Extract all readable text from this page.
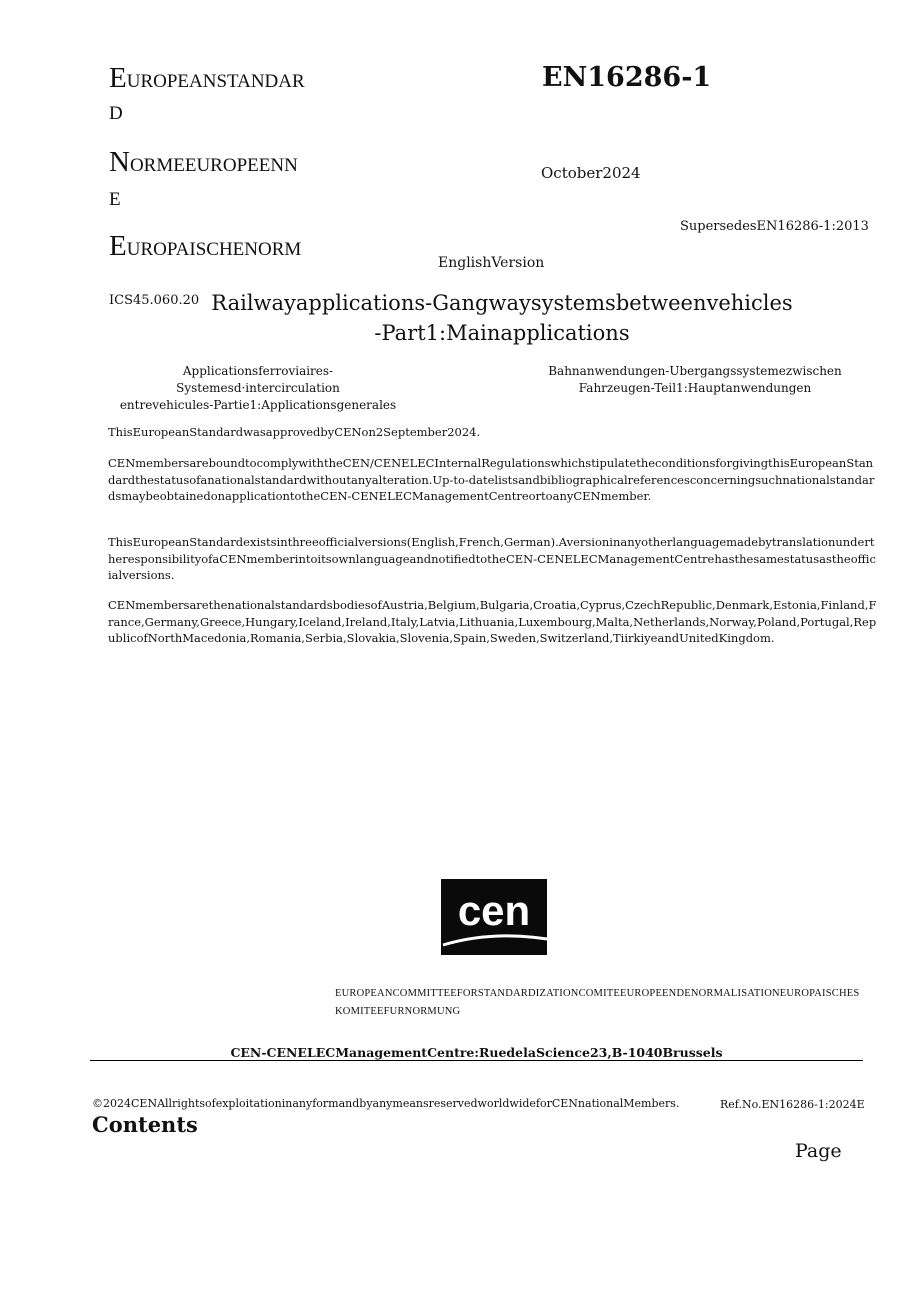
EUROPEANSTANDAR
D
NORMEEUROPEENN
E
EUROPAISCHENORM
EN16286-1
October2024
SupersedesEN16286-1:2013
EnglishVersion
ICS45.060.20 Railwayapplications-Gangwaysystemsbetweenvehicles
-Part1:Mainapplications
Applicationsferroviaires-Systemesd·intercirculation
entrevehicules-Partie1:Applicationsgenerales
Bahnanwendungen-Ubergangssystemezwischen
Fahrzeugen-Teil1:Hauptanwendungen
ThisEuropeanStandardwasapprovedbyCENon2September2024.
CENmembersareboundtocomplywiththeCEN/CENELECInternalRegulationswhichstipulatetheconditionsforgivingthisEuropeanStandardthestatusofanationalstandardwithoutanyalteration.Up-to-datelistsandbibliographicalreferencesconcerningsuchnationalstandardsmaybeobtainedonapplicationtotheCEN-CENELECManagementCentreortoanyCENmember.
ThisEuropeanStandardexistsinthreeofficialversions(English,French,German).AversioninanyotherlanguagemadebytranslationundertheresponsibilityofaCENmemberintoitsownlanguageandnotifiedtotheCEN-CENELECManagementCentrehasthesamestatusastheofficialversions.
CENmembersarethenationalstandardsbodiesofAustria,Belgium,Bulgaria,Croatia,Cyprus,CzechRepublic,Denmark,Estonia,Finland,France,Germany,Greece,Hungary,Iceland,Ireland,Italy,Latvia,Lithuania,Luxembourg,Malta,Netherlands,Norway,Poland,Portugal,RepublicofNorthMacedonia,Romania,Serbia,Slovakia,Slovenia,Spain,Sweden,Switzerland,TiirkiyeandUnitedKingdom.
cen
EUROPEANCOMMITTEEFORSTANDARDIZATIONCOMITEEUROPEENDENORMALISATIONEUROPAISCHESKOMITEEFURNORMUNG
CEN-CENELECManagementCentre:RuedelaScience23,B-1040Brussels
©2024CENAllrightsofexploitationinanyformandbyanymeansreservedworldwideforCENnationalMembers.	Ref.No.EN16286-1:2024E
Contents
Page
